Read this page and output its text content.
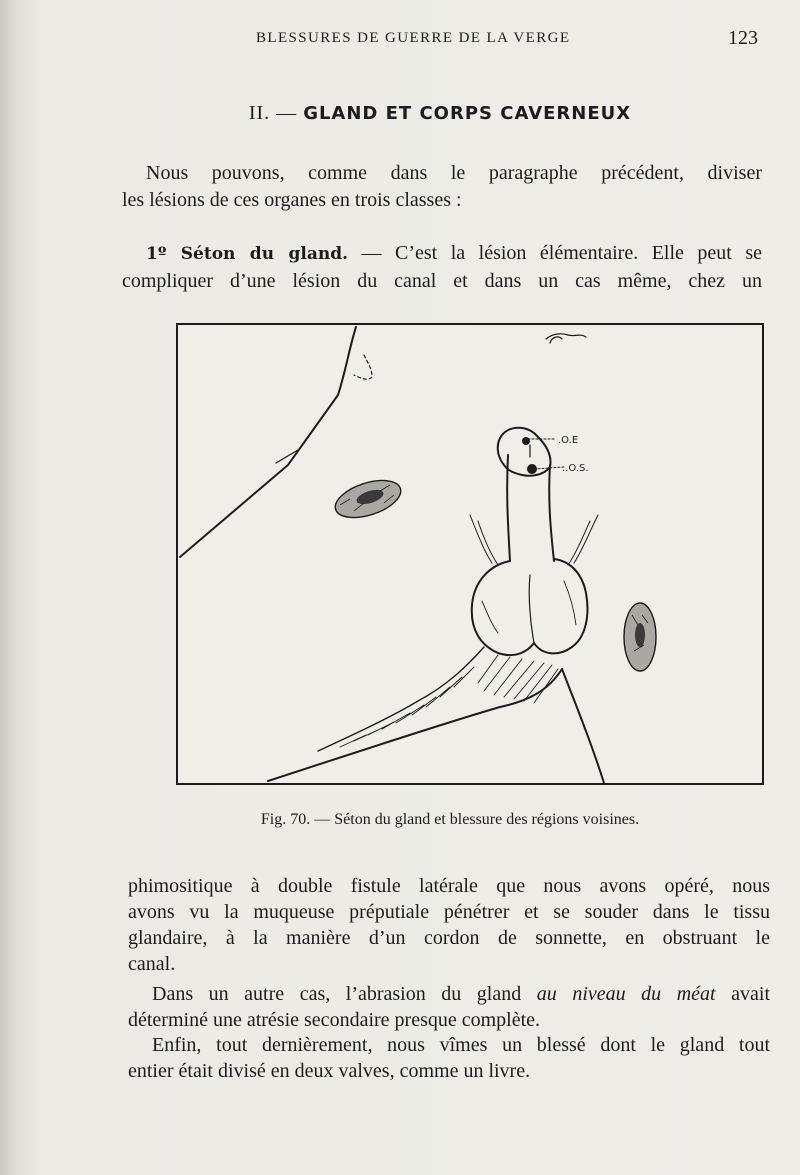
BLESSURES DE GUERRE DE LA VERGE	123
II. — GLAND ET CORPS CAVERNEUX
Nous pouvons, comme dans le paragraphe précédent, diviser
les lésions de ces organes en trois classes :
1º Séton du gland. — C’est la lésion élémentaire. Elle peut se
compliquer d’une lésion du canal et dans un cas même, chez un
.O.E
..O.S.
Fig. 70. — Séton du gland et blessure des régions voisines.
phimositique à double fistule latérale que nous avons opéré, nous
avons vu la muqueuse préputiale pénétrer et se souder dans le tissu
glandaire, à la manière d’un cordon de sonnette, en obstruant le
canal.
Dans un autre cas, l’abrasion du gland au niveau du méat avait
déterminé une atrésie secondaire presque complète.
Enfin, tout dernièrement, nous vîmes un blessé dont le gland tout
entier était divisé en deux valves, comme un livre.
